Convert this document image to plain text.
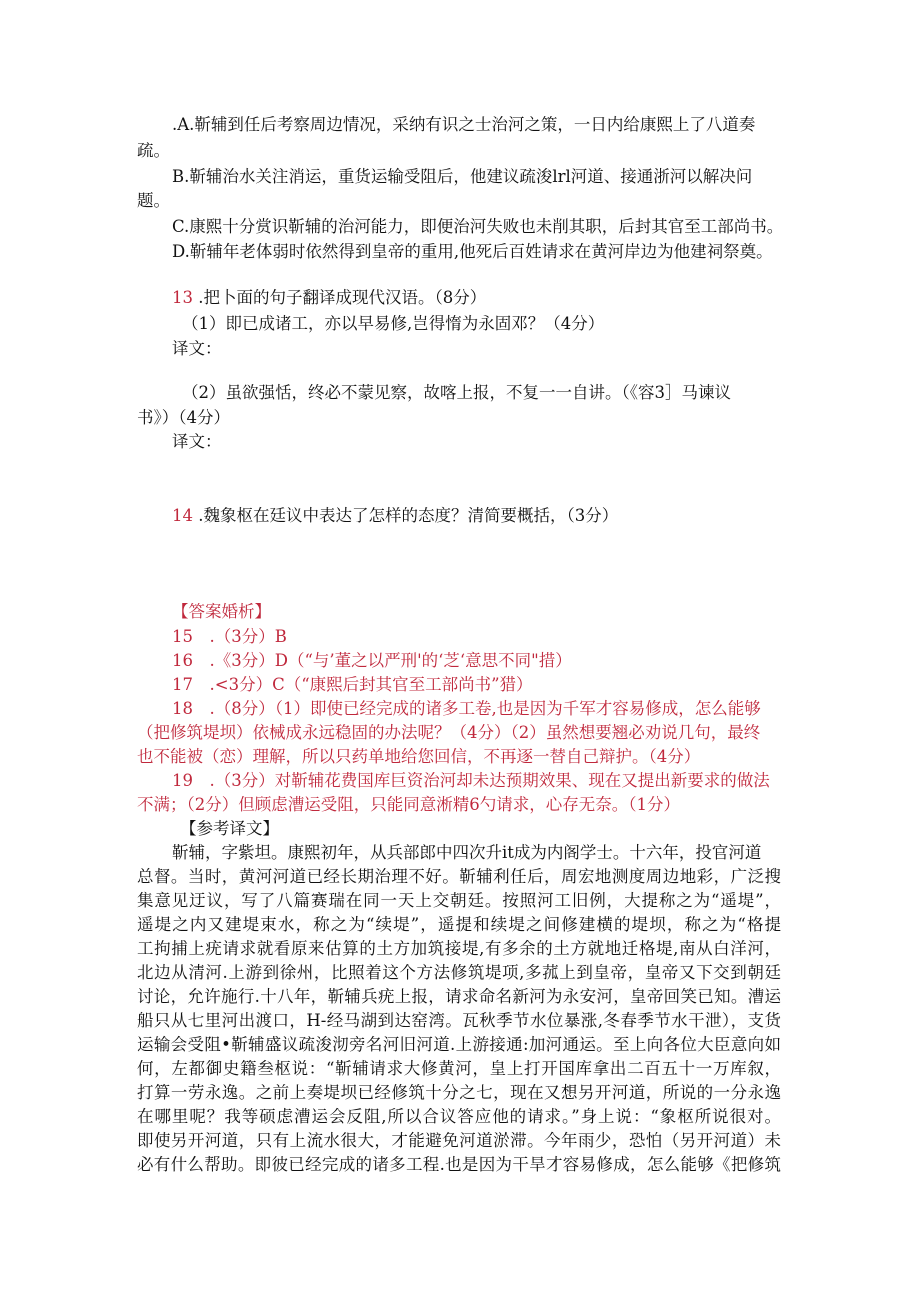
.A.靳辅到任后考察周边情况，采纳有识之士治河之策，一日内给康熙上了八道奏

疏。

B.靳辅治水关注消运，重货运输受阻后，他建议疏浚lrl河道、接通浙河以解决问

题。

C.康熙十分赏识靳辅的治河能力，即便治河失败也未削其职，后封其官至工部尚书。

D.靳辅年老体弱时依然得到皇帝的重用,他死后百姓请求在黄河岸边为他建祠祭奠。

13 .把卜面的句子翻译成现代汉语。（8分）

（1）即已成诸工，亦以早易修,岂得惰为永固邓？（4分）

译文：

（2）虽欲强恬，终必不蒙见察，故喀上报，不复一一自讲。（《容3］马谏议

书》）（4分）

译文：

14 .魏象枢在廷议中表达了怎样的态度？清简要概括，（3分）

【答案婚析】

15　.（3分）B

16　.《3分）D（“与’董之以严刑'的‘芝‘意思不同"措）

17　.<3分）C（“康熙后封其官至工部尚书”猎）

18　.（8分）（1）即使已经完成的诸多工卷,也是因为千军才容易修成，怎么能够

（把修筑堤坝）依械成永远稳固的办法呢？（4分）（2）虽然想要翘必劝说几句，最终

也不能被（恋）理解，所以只药单地给您回信，不再逐一替自己辩护。（4分）

19　.（3分）对靳辅花费国库巨资治河却未达预期效果、现在又提出新要求的做法

不满；（2分）但顾虑漕运受阻，只能同意淅精6勺请求，心存无奈。（1分）

【参考译文】

靳辅，字紫坦。康熙初年，从兵部郎中四次升it成为内阁学士。十六年，投官河道

总督。当时，黄河河道已经长期治理不好。靳辅利任后，周宏地测度周边地彩，广泛搜

集意见迂议，写了八篇赛瑞在同一天上交朝廷。按照河工旧例，大提称之为“遥堤”，

遥堤之内又建堤束水，称之为“续堤”，遥提和续堤之间修建横的堤坝，称之为“格提

工拘捕上疣请求就看原来估算的土方加筑接堤,有多余的土方就地迁格堤,南从白洋河，

北边从清河.上游到徐州，比照着这个方法修筑堤项,多菰上到皇帝，皇帝又下交到朝廷

讨论，允许施行.十八年，靳辅兵疣上报，请求命名新河为永安河，皇帝回笑已知。漕运

船只从七里河出渡口，H-经马湖到达窑湾。瓦秋季节水位暴涨,冬春季节水干泄），支货

运输会受阻•靳辅盛议疏浚沏旁名河旧河道.上游接通:加河通运。至上向各位大臣意向如

何，左都御史籍叁枢说：“靳辅请求大修黄河，皇上打开国库拿出二百五十一万库叙，

打算一劳永逸。之前上奏堤坝已经修筑十分之七，现在又想另开河道，所说的一分永逸

在哪里呢？我等硕虑漕运会反阻,所以合议答应他的请求。”身上说：“象枢所说很对。

即使另开河道，只有上流水很大，才能避免河道淤滞。今年雨少，恐怕（另开河道）未

必有什么帮助。即彼已经完成的诸多工程.也是因为干旱才容易修成，怎么能够《把修筑
